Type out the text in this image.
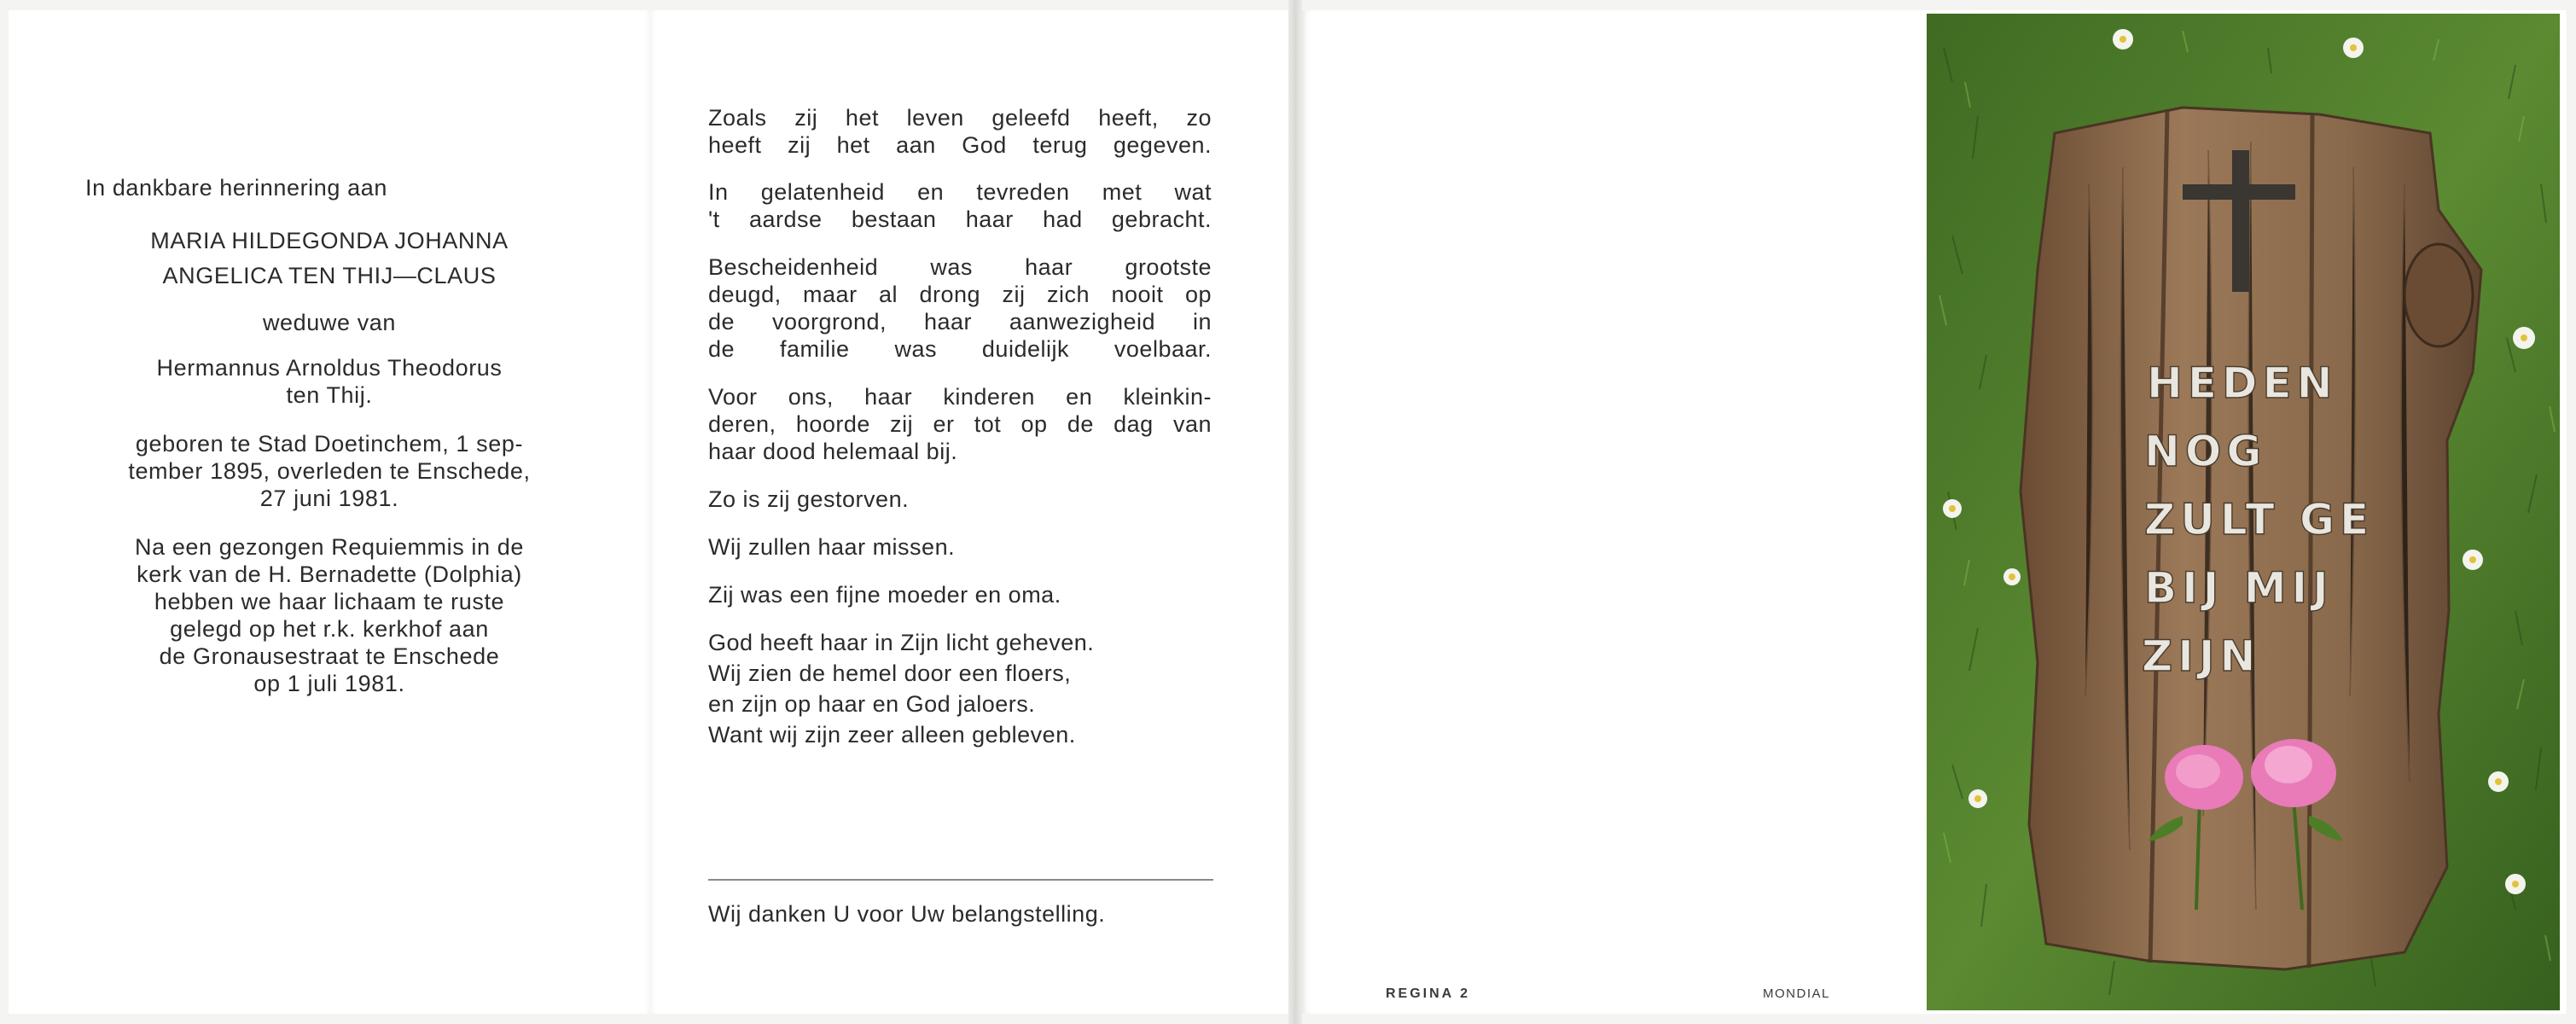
In dankbare herinnering aan
MARIA HILDEGONDA JOHANNA
ANGELICA TEN THIJ—CLAUS
weduwe van
Hermannus Arnoldus Theodorus
ten Thij.
geboren te Stad Doetinchem, 1 sep-
tember 1895, overleden te Enschede,
27 juni 1981.
Na een gezongen Requiemmis in de
kerk van de H. Bernadette (Dolphia)
hebben we haar lichaam te ruste
gelegd op het r.k. kerkhof aan
de Gronausestraat te Enschede
op 1 juli 1981.
Zoals zij het leven geleefd heeft, zo
heeft zij het aan God terug gegeven.
In gelatenheid en tevreden met wat
't aardse bestaan haar had gebracht.
Bescheidenheid was haar grootste
deugd, maar al drong zij zich nooit op
de voorgrond, haar aanwezigheid in
de familie was duidelijk voelbaar.
Voor ons, haar kinderen en kleinkin-
deren, hoorde zij er tot op de dag van
haar dood helemaal bij.
Zo is zij gestorven.
Wij zullen haar missen.
Zij was een fijne moeder en oma.
God heeft haar in Zijn licht geheven.
Wij zien de hemel door een floers,
en zijn op haar en God jaloers.
Want wij zijn zeer alleen gebleven.
Wij danken U voor Uw belangstelling.
REGINA 2	MONDIAL
HEDEN
NOG
ZULT GE
BIJ MIJ
ZIJN
